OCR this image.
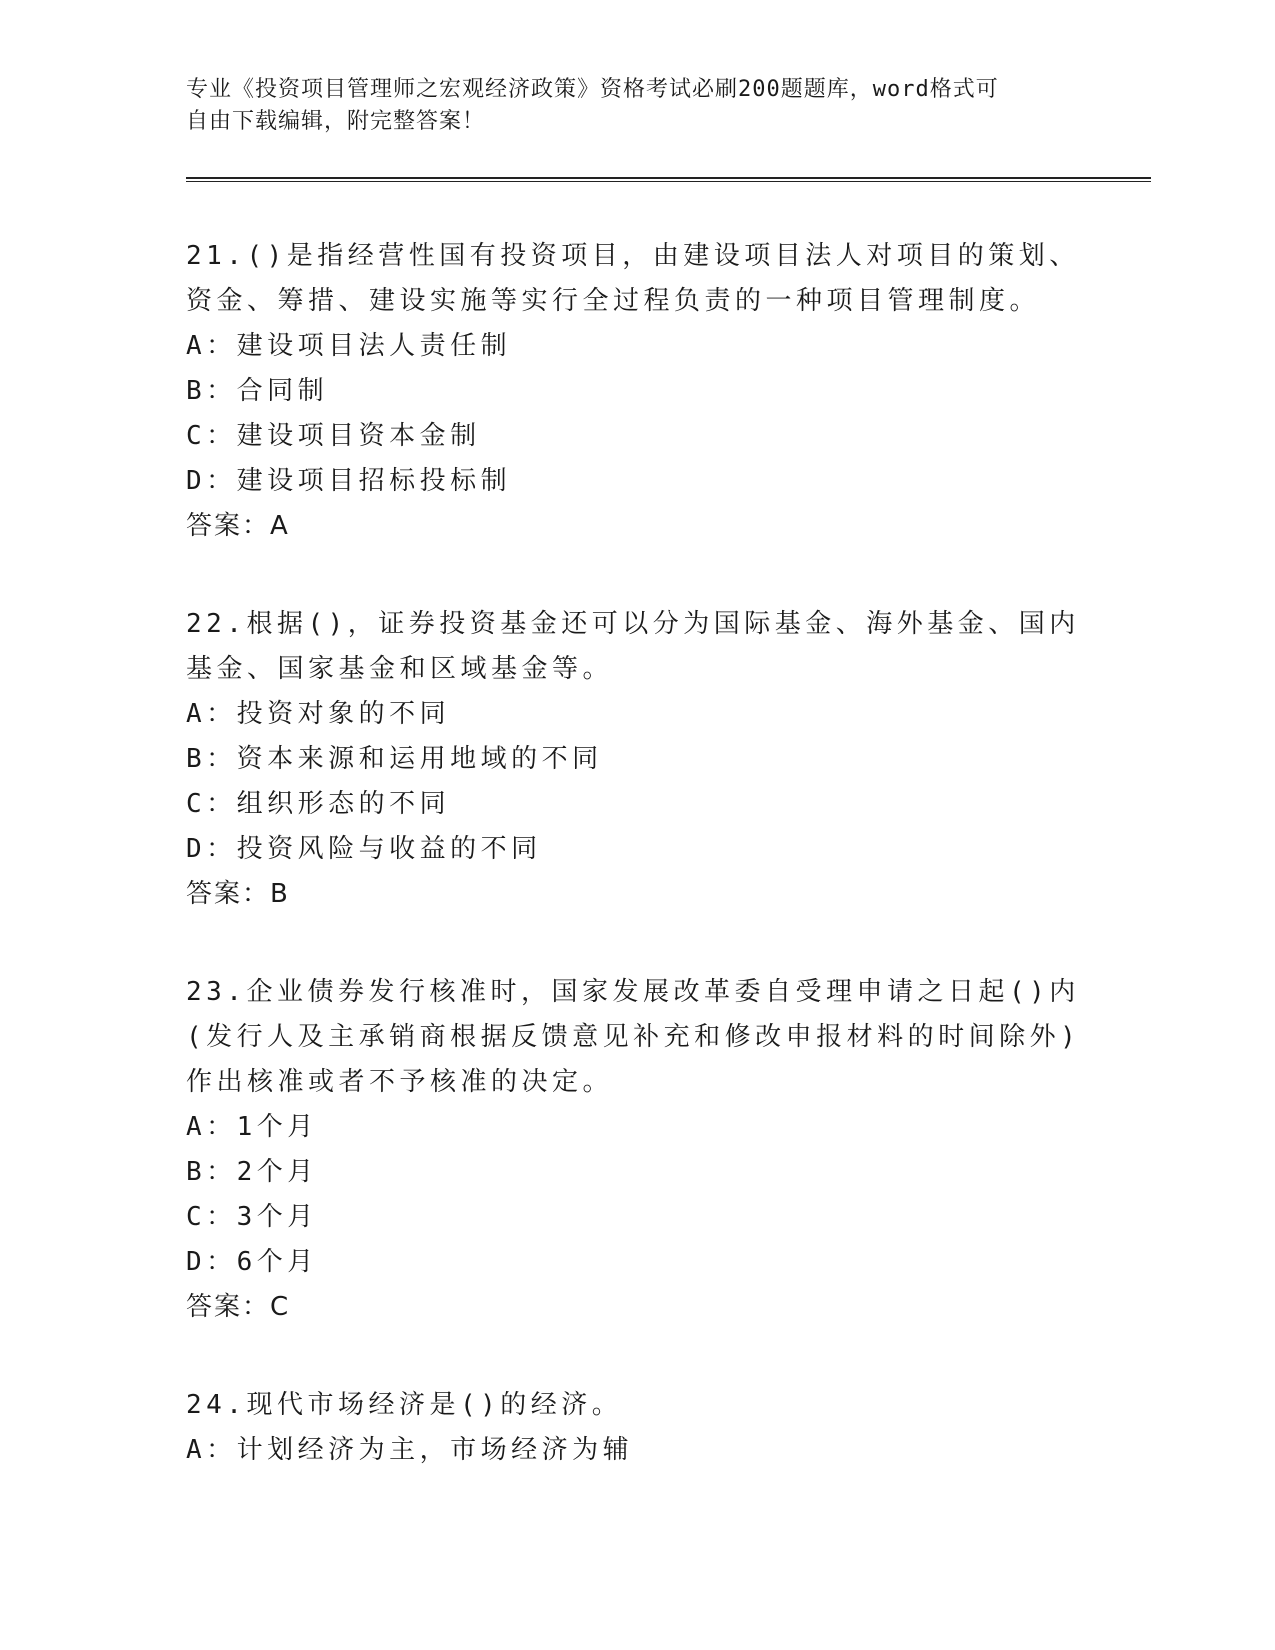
专业《投资项目管理师之宏观经济政策》资格考试必刷200题题库，word格式可
自由下载编辑，附完整答案！

21.()是指经营性国有投资项目，由建设项目法人对项目的策划、资金、筹措、建设实施等实行全过程负责的一种项目管理制度。

A：建设项目法人责任制

B：合同制

C：建设项目资本金制

D：建设项目招标投标制

答案：A

22.根据()，证券投资基金还可以分为国际基金、海外基金、国内基金、国家基金和区域基金等。

A：投资对象的不同

B：资本来源和运用地域的不同

C：组织形态的不同

D：投资风险与收益的不同

答案：B

23.企业债券发行核准时，国家发展改革委自受理申请之日起()内(发行人及主承销商根据反馈意见补充和修改申报材料的时间除外)作出核准或者不予核准的决定。

A：1个月

B：2个月

C：3个月

D：6个月

答案：C

24.现代市场经济是()的经济。

A：计划经济为主，市场经济为辅
